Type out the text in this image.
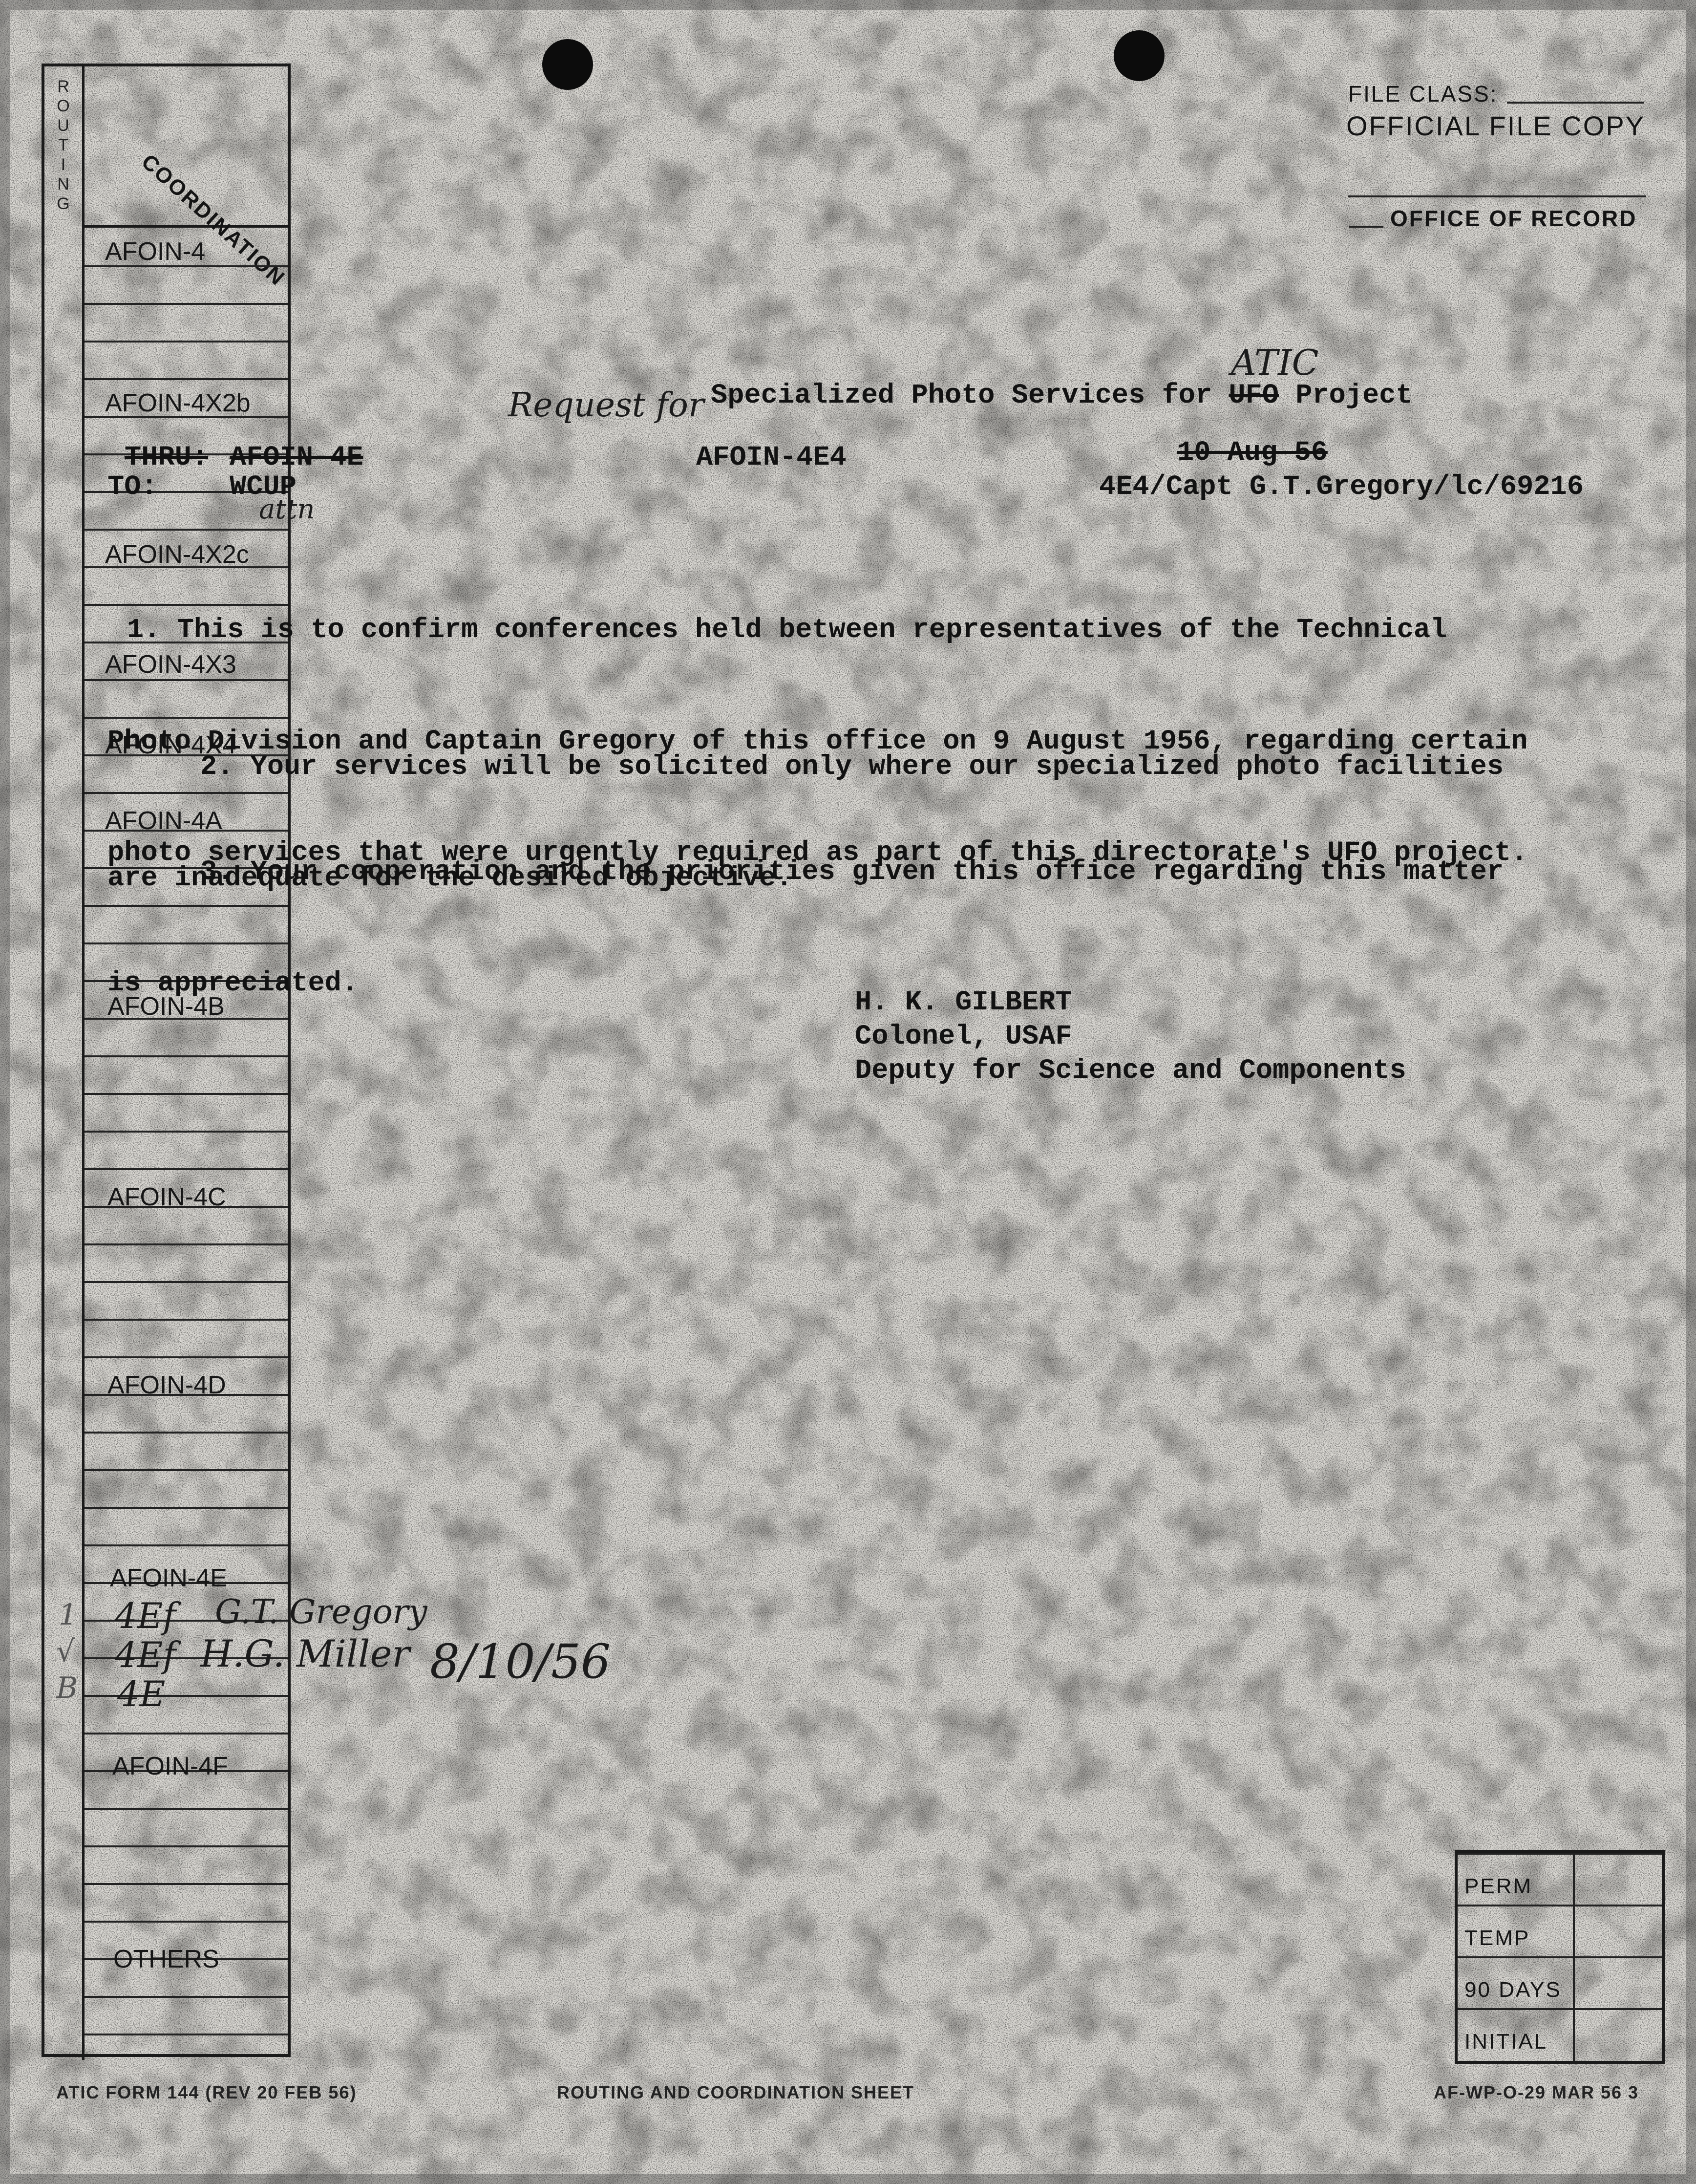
ROUTING
COORDINATION
AFOIN-4
AFOIN-4X2b
AFOIN-4X2c
AFOIN-4X3
AFOIN-4X4
AFOIN-4A
AFOIN-4B
AFOIN-4C
AFOIN-4D
AFOIN-4E
AFOIN-4F
OTHERS
4Ef G.T. Gregory
4Ef H.G. Miller
4E
8/10/56
1
√
B
FILE CLASS:
OFFICIAL FILE COPY
OFFICE OF RECORD
ATIC
Request for Specialized Photo Services for UFO Project
THRU: AFOIN-4E
TO:	WCUP
attn
AFOIN-4E4	10 Aug 56
4E4/Capt G.T.Gregory/lc/69216

1. This is to confirm conferences held between representatives of the Technical

Photo Division and Captain Gregory of this office on 9 August 1956, regarding certain

photo services that were urgently required as part of this directorate's UFO project.

2. Your services will be solicited only where our specialized photo facilities

are inadequate for the desired objective.

3. Your cooperation and the priorities given this office regarding this matter

is appreciated.

H. K. GILBERT
Colonel, USAF
Deputy for Science and Components
PERM
TEMP
90 DAYS
INITIAL
ATIC FORM 144 (REV 20 FEB 56)	ROUTING AND COORDINATION SHEET	AF-WP-O-29 MAR 56 3
